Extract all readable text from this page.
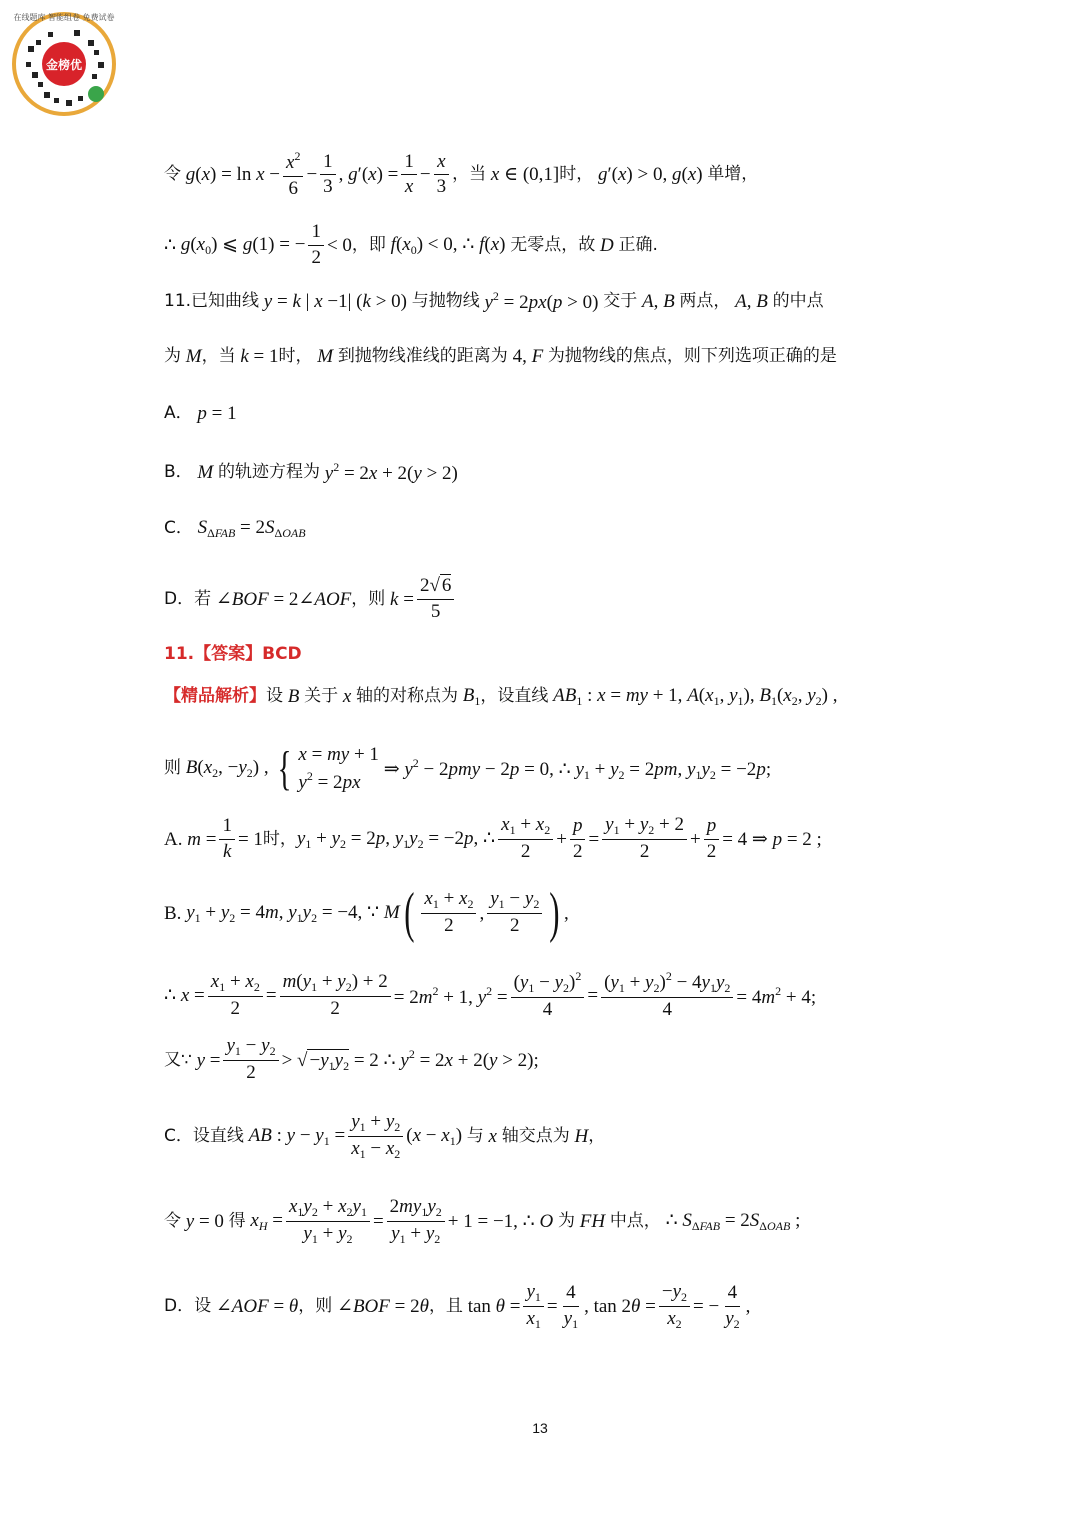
金榜优
在线题库 智能组卷 免费试卷
令 $g(x) = \ln x - \frac{x^2}{6} - \frac{1}{3}$ , $g'(x) = \frac{1}{x} - \frac{x}{3}$ ，当 x ∈ (0,1] 时， g′(x) > 0, g(x) 单增，
∴ $g(x_0)$ ⩽ g(1) = − $\frac{1}{2} < 0$ ，即 $f(x_0) < 0$, ∴ f(x) 无零点，故 D 正确.
11. 已知曲线 y = k | x −1| (k > 0) 与抛物线 $y^2 = 2px(p > 0)$ 交于 A, B 两点， A, B 的中点
为 M ，当 k = 1 时， M 到抛物线准线的距离为 4, F 为抛物线的焦点，则下列选项正确的是
A． p = 1
B． M 的轨迹方程为 $y^2 = 2x + 2(y > 2)$
C． $S_{\Delta FAB} = 2S_{\Delta OAB}$
D．若 ∠BOF = 2∠AOF ，则 $k = \frac{2√ 6}{5}$
11. 【答案】 BCD
【精品解析】 设 B 关于 x 轴的对称点为 $B_1$ ，设直线 $AB_1$ : x = my + 1, $A(x_1$, $y_1$), $B_1(x_2$, $y_2$) ,
则 $B(x_2$, $-y_2$) , { x = my + 1
$y^2 = 2px$
⇒ $y^2 - 2pmy - 2p = 0$, ∴ $y_1 + y_2 = 2pm$, $y_1y_2 = -2p$;
A. $m = \frac{1}{k} = 1$ 时， $y_1 + y_2 = 2p$, $y_1y_2 = -2p$, ∴ $\frac{x_1 + x_2}{2} + \frac{p}{2} = \frac{y_1 + y_2 + 2}{2} + \frac{p}{2} = 4$ ⇒ p = 2 ;
B. $y_1 + y_2 = 4m$, $y_1y_2 = -4$, ∵ M ( $\frac{x_1 + x_2}{2}$ , $\frac{y_1 - y_2}{2}$ ) ,
∴ $x = \frac{x_1 + x_2}{2} = \frac{m(y_1 + y_2) + 2}{2} = 2m^2 + 1$, $y^2 = \frac{(y_1 - y_2)^2}{4} = \frac{(y_1 + y_2)^2 - 4y_1y_2}{4} = 4m^2 + 4$;
又∵ $y = \frac{y_1 - y_2}{2}$ > √ $-y_1y_2 = 2$ ∴ $y^2 = 2x + 2(y > 2)$;
C．设直线 AB : $y - y_1 = \frac{y_1 + y_2}{x_1 - x_2} (x - x_1)$ 与 x 轴交点为 H ，
令 y = 0 得 $x_H = \frac{x_1y_2 + x_2y_1}{y_1 + y_2} = \frac{2my_1y_2}{y_1 + y_2} + 1 = -1$, ∴ O 为 FH 中点， ∴ $S_{\Delta FAB} = 2S_{\Delta OAB}$ ;
D．设 ∠AOF = θ ，则 ∠BOF = 2θ ，且 $\tan \theta = \frac{y_1}{x_1} = \frac{4}{y_1}$ , $\tan 2\theta = \frac{-y_2}{x_2}$ = − $\frac{4}{y_2}$ ,
13
